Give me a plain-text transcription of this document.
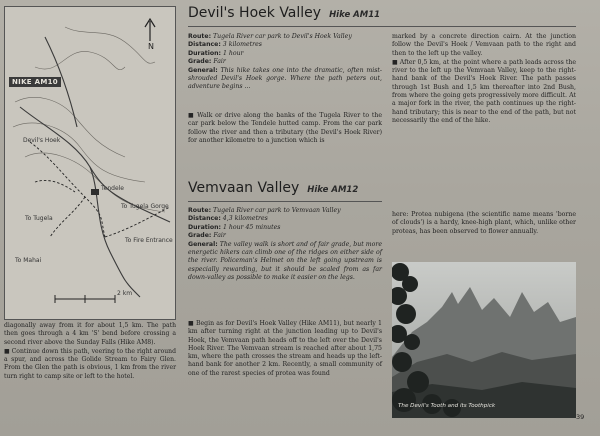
N
NIKE AM10
Devil's Hoek
To Tugela
Tendele
To Tugela Gorge
To Fire Entrance
To Mahai
2 km

diagonally away from it for about 1,5 km. The path then goes through a 4 km 'S' bend before crossing a second river above the Sunday Falls (Hike AM8).

■ Continue down this path, veering to the right around a spur, and across the Golide Stream to Fairy Glen. From the Glen the path is obvious, 1 km from the river turn right to camp site or left to the hotel.

Devil's Hoek Valley Hike AM11
Route: Tugela River car park to Devil's Hoek Valley
Distance: 3 kilometres
Duration: 1 hour
Grade: Fair
General: This hike takes one into the dramatic, often mist-shrouded Devil's Hoek gorge. Where the path peters out, adventure begins ...

■ Walk or drive along the banks of the Tugela River to the car park below the Tendele hutted camp. From the car park follow the river and then a tributary (the Devil's Hoek River) for another kilometre to a junction which is

marked by a concrete direction cairn. At the junction follow the Devil's Hoek / Vemvaan path to the right and then to the left up the valley.

■ After 0,5 km, at the point where a path leads across the river to the left up the Vemvaan Valley, keep to the right-hand bank of the Devil's Hoek River. The path passes through 1st Bush and 1,5 km thereafter into 2nd Bush, from where the going gets progressively more difficult. At a major fork in the river, the path continues up the right-hand tributary; this is near to the end of the path, but not necessarily the end of the hike.

Vemvaan Valley Hike AM12
Route: Tugela River car park to Vemvaan Valley
Distance: 4,3 kilometres
Duration: 1 hour 45 minutes
Grade: Fair
General: The valley walk is short and of fair grade, but more energetic hikers can climb one of the ridges on either side of the river. Policeman's Helmet on the left going upstream is especially rewarding, but it should be scaled from as far down-valley as possible to make it easier on the legs.

■ Begin as for Devil's Hoek Valley (Hike AM11), but nearly 1 km after turning right at the junction leading up to Devil's Hoek, the Vemvaan path heads off to the left over the Devil's Hoek River. The Vemvaan stream is reached after about 1,75 km, where the path crosses the stream and heads up the left-hand bank for another 2 km. Recently, a small community of one of the rarest species of protea was found

here: Protea nubigena (the scientific name means 'borne of clouds') is a hardy, knee-high plant, which, unlike other proteas, has been observed to flower annually.

The Devil's Tooth and its Toothpick
39
